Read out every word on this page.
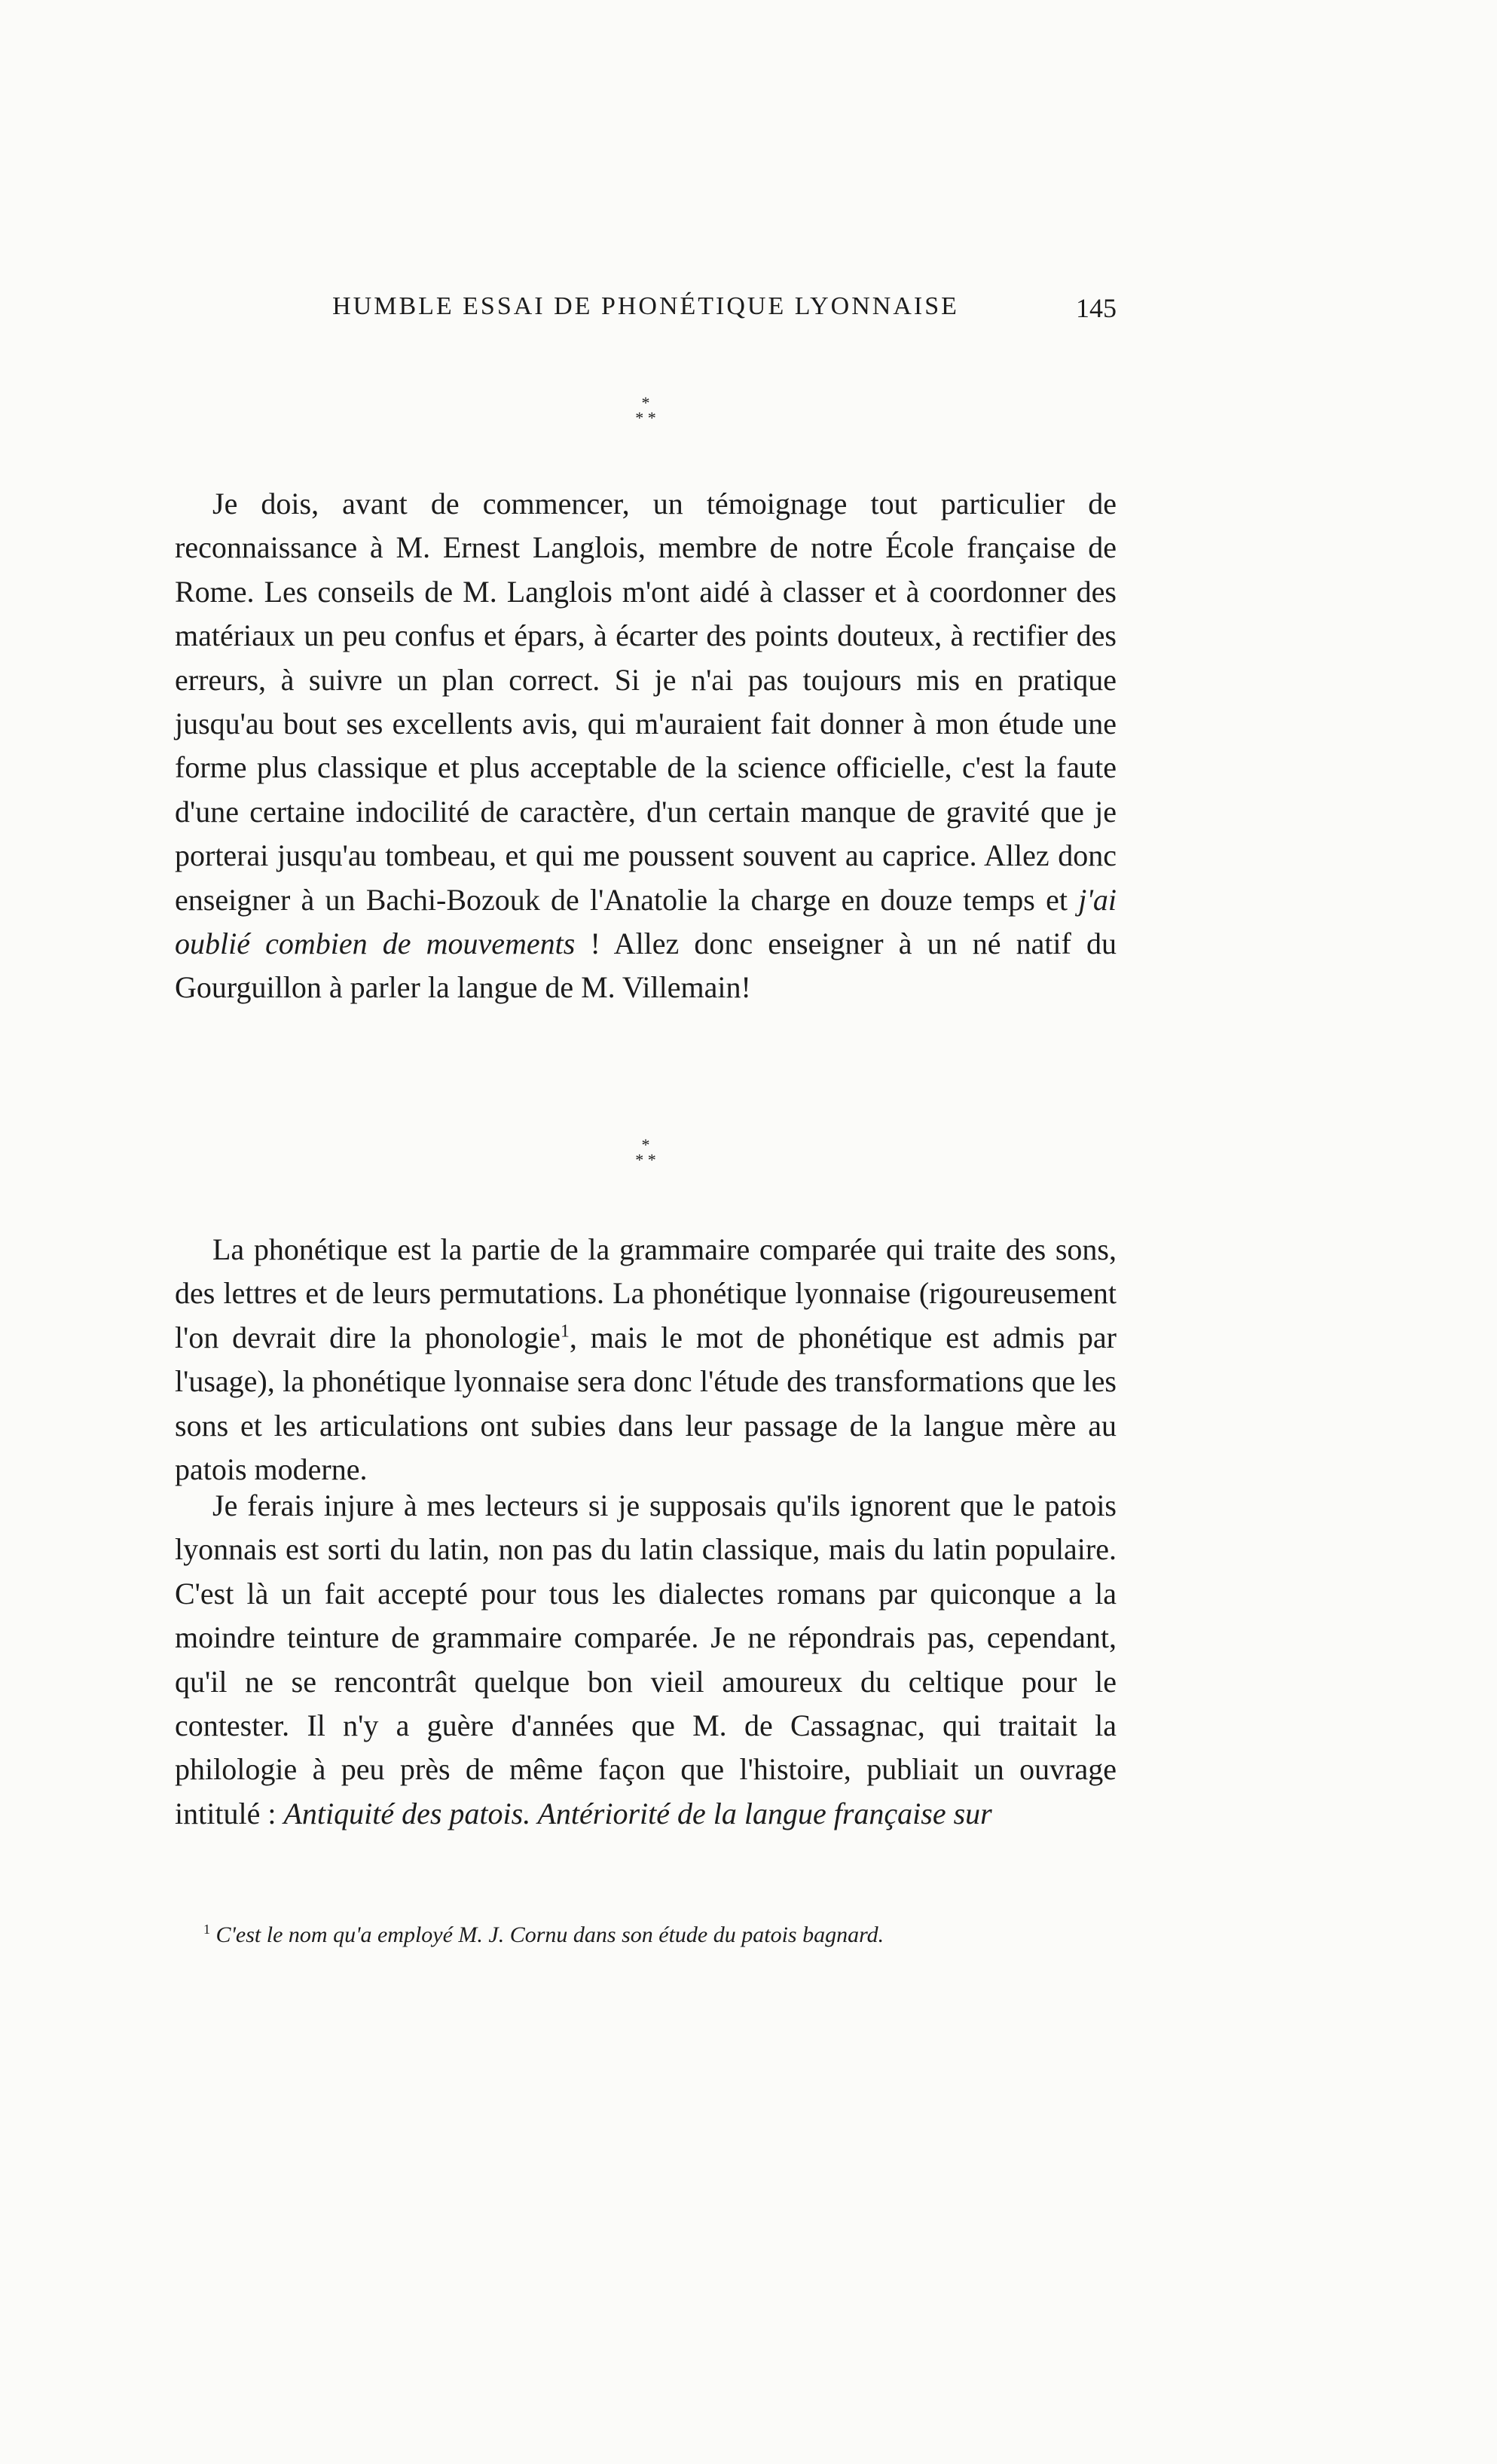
HUMBLE ESSAI DE PHONÉTIQUE LYONNAISE	145
*
* *

Je dois, avant de commencer, un témoignage tout particulier de reconnaissance à M. Ernest Langlois, membre de notre École française de Rome. Les conseils de M. Langlois m'ont aidé à classer et à coordonner des matériaux un peu confus et épars, à écarter des points douteux, à rectifier des erreurs, à suivre un plan correct. Si je n'ai pas toujours mis en pratique jusqu'au bout ses excellents avis, qui m'auraient fait donner à mon étude une forme plus classique et plus acceptable de la science officielle, c'est la faute d'une certaine indocilité de caractère, d'un certain manque de gravité que je porterai jusqu'au tombeau, et qui me poussent souvent au caprice. Allez donc enseigner à un Bachi-Bozouk de l'Anatolie la charge en douze temps et j'ai oublié combien de mouvements ! Allez donc enseigner à un né natif du Gourguillon à parler la langue de M. Villemain!

*
* *

La phonétique est la partie de la grammaire comparée qui traite des sons, des lettres et de leurs permutations. La phonétique lyonnaise (rigoureusement l'on devrait dire la phonologie$^1$, mais le mot de phonétique est admis par l'usage), la phonétique lyonnaise sera donc l'étude des transformations que les sons et les articulations ont subies dans leur passage de la langue mère au patois moderne.

Je ferais injure à mes lecteurs si je supposais qu'ils ignorent que le patois lyonnais est sorti du latin, non pas du latin classique, mais du latin populaire. C'est là un fait accepté pour tous les dialectes romans par quiconque a la moindre teinture de grammaire comparée. Je ne répondrais pas, cependant, qu'il ne se rencontrât quelque bon vieil amoureux du celtique pour le contester. Il n'y a guère d'années que M. de Cassagnac, qui traitait la philologie à peu près de même façon que l'histoire, publiait un ouvrage intitulé : Antiquité des patois. Antériorité de la langue française sur

$^1$ C'est le nom qu'a employé M. J. Cornu dans son étude du patois bagnard.
